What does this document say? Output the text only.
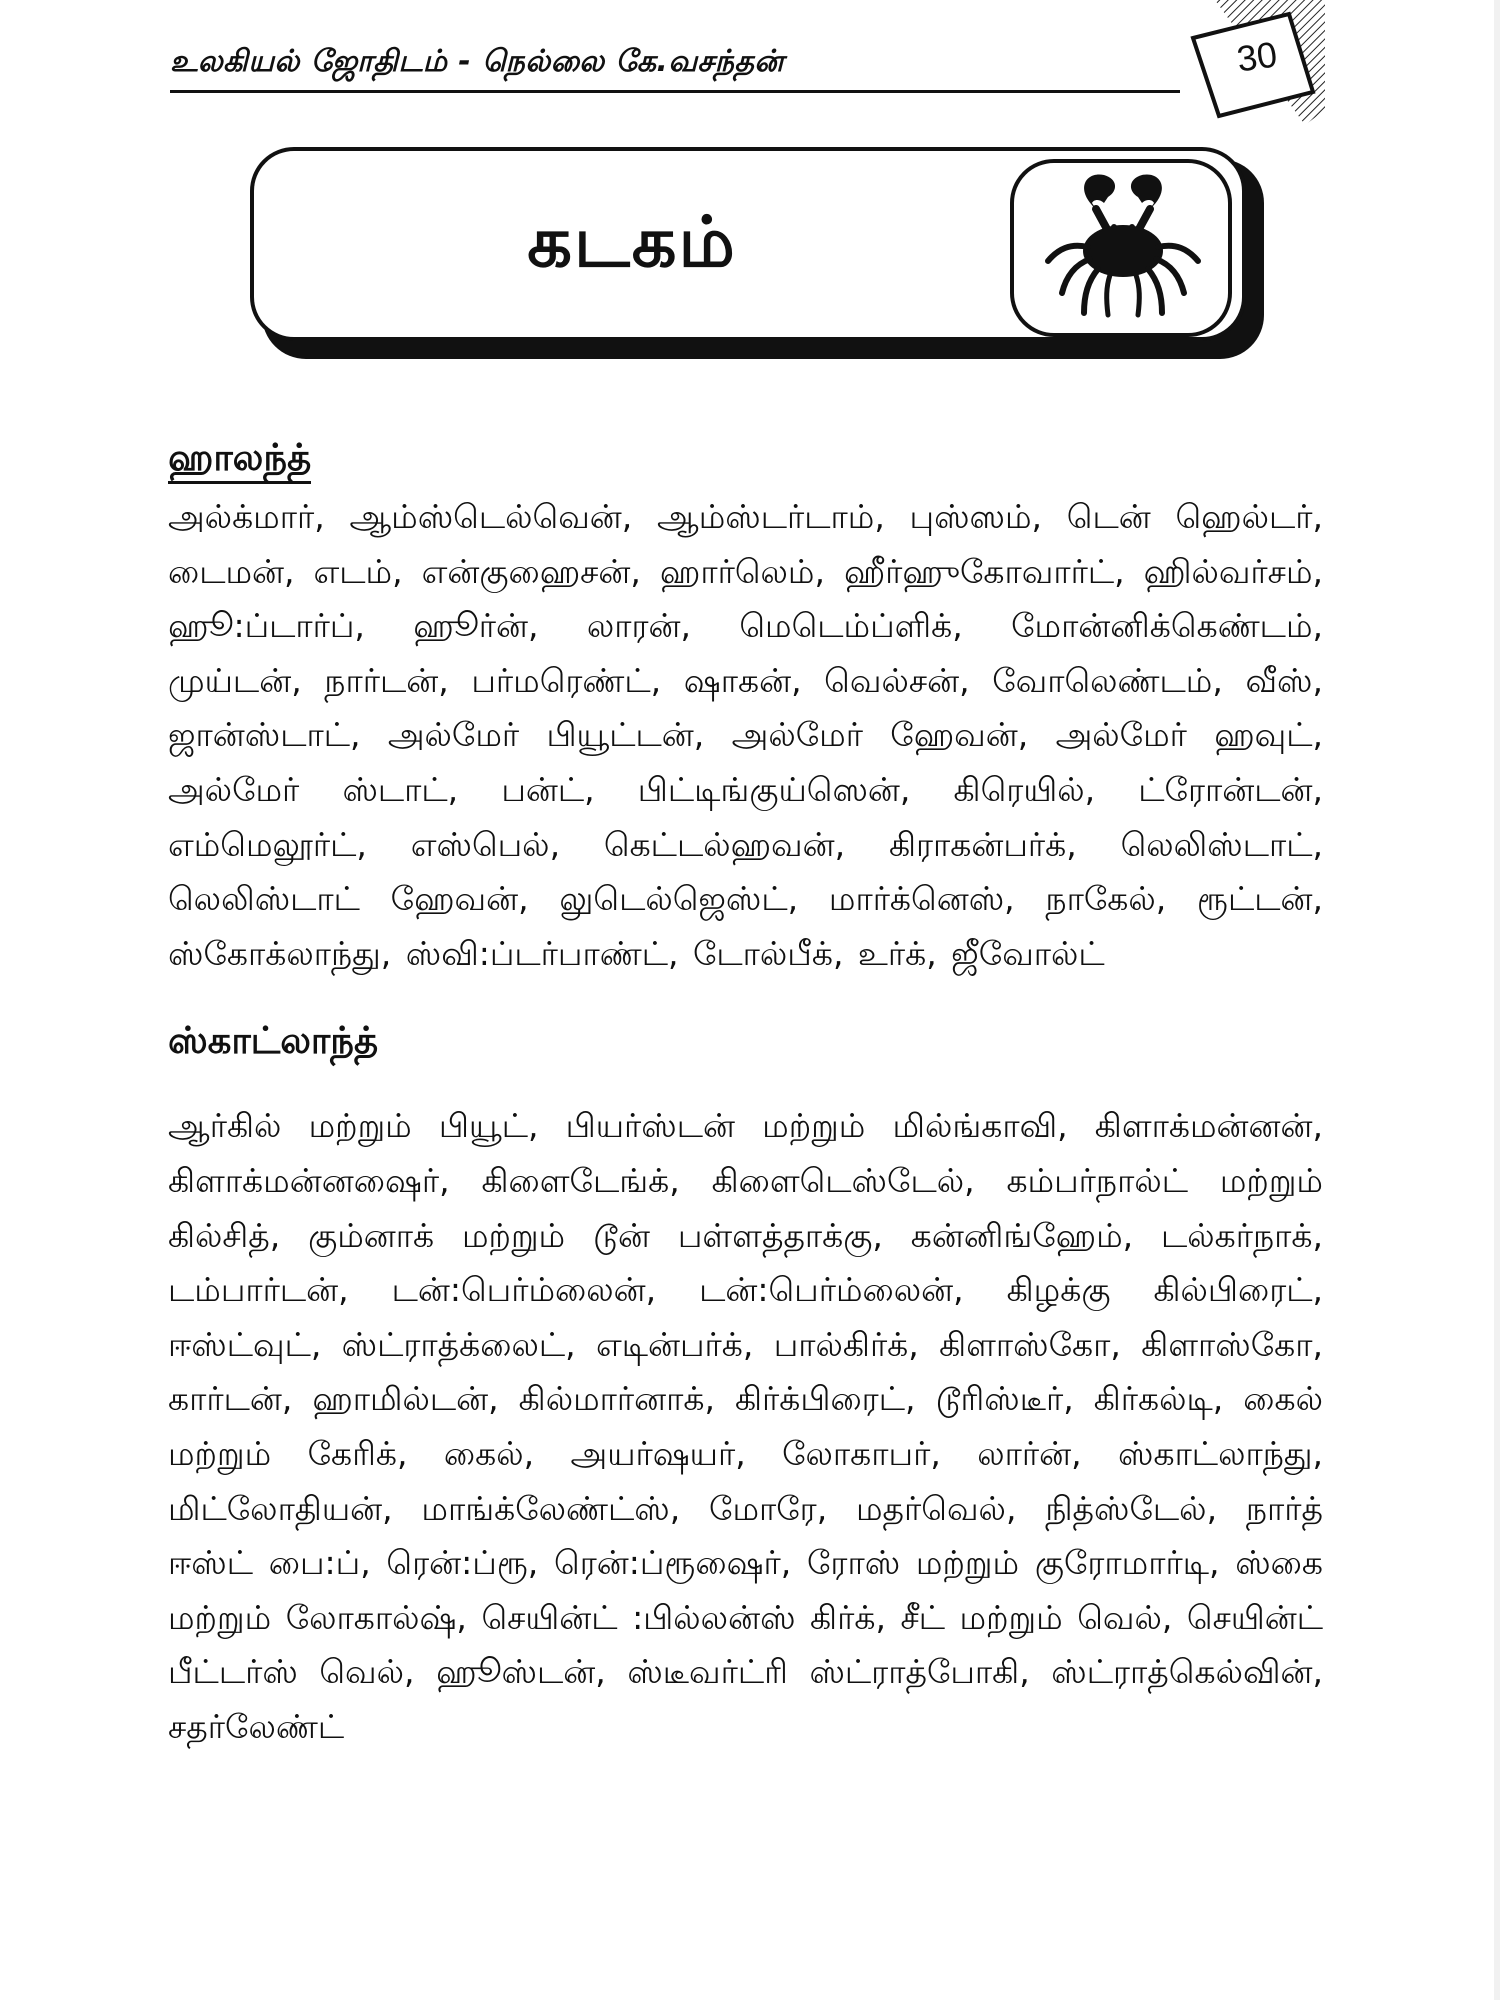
உலகியல் ஜோதிடம் - நெல்லை கே.வசந்தன்	30
கடகம்
ஹாலந்த்

அல்க்மார், ஆம்ஸ்டெல்வென், ஆம்ஸ்டர்டாம், புஸ்ஸம், டென் ஹெல்டர், டைமன், எடம், என்குஹைசன், ஹார்லெம், ஹீர்ஹுகோவார்ட், ஹில்வர்சம், ஹூ:ப்டார்ப், ஹூர்ன், லாரன், மெடெம்ப்ளிக், மோன்னிக்கெண்டம், முய்டன், நார்டன், பர்மரெண்ட், ஷாகன், வெல்சன், வோலெண்டம், வீஸ், ஜான்ஸ்டாட், அல்மேர் பியூட்டன், அல்மேர் ஹேவன், அல்மேர் ஹவுட், அல்மேர் ஸ்டாட், பன்ட், பிட்டிங்குய்ஸென், கிரெயில், ட்ரோன்டன், எம்மெலூர்ட், எஸ்பெல், கெட்டல்ஹவன், கிராகன்பர்க், லெலிஸ்டாட், லெலிஸ்டாட் ஹேவன், லுடெல்ஜெஸ்ட், மார்க்னெஸ், நாகேல், ரூட்டன், ஸ்கோக்லாந்து, ஸ்வி:ப்டர்பாண்ட், டோல்பீக், உர்க், ஜீவோல்ட்

ஸ்காட்லாந்த்

ஆர்கில் மற்றும் பியூட், பியர்ஸ்டன் மற்றும் மில்ங்காவி, கிளாக்மன்னன், கிளாக்மன்னஷைர், கிளைடேங்க், கிளைடெஸ்டேல், கம்பர்நால்ட் மற்றும் கில்சித், கும்னாக் மற்றும் டூன் பள்ளத்தாக்கு, கன்னிங்ஹேம், டல்கர்நாக், டம்பார்டன், டன்:பெர்ம்லைன், டன்:பெர்ம்லைன், கிழக்கு கில்பிரைட், ஈஸ்ட்வுட், ஸ்ட்ராத்க்லைட், எடின்பர்க், பால்கிர்க், கிளாஸ்கோ, கிளாஸ்கோ, கார்டன், ஹாமில்டன், கில்மார்னாக், கிர்க்பிரைட், டூரிஸ்டீர், கிர்கல்டி, கைல் மற்றும் கேரிக், கைல், அயர்ஷயர், லோகாபர், லார்ன், ஸ்காட்லாந்து, மிட்லோதியன், மாங்க்லேண்ட்ஸ், மோரே, மதர்வெல், நித்ஸ்டேல், நார்த் ஈஸ்ட் பை:ப், ரென்:ப்ரூ, ரென்:ப்ரூஷைர், ரோஸ் மற்றும் குரோமார்டி, ஸ்கை மற்றும் லோகால்ஷ், செயின்ட் :பில்லன்ஸ் கிர்க், சீட் மற்றும் வெல், செயின்ட் பீட்டர்ஸ் வெல், ஹூஸ்டன், ஸ்டீவர்ட்ரி ஸ்ட்ராத்போகி, ஸ்ட்ராத்கெல்வின், சதர்லேண்ட்
